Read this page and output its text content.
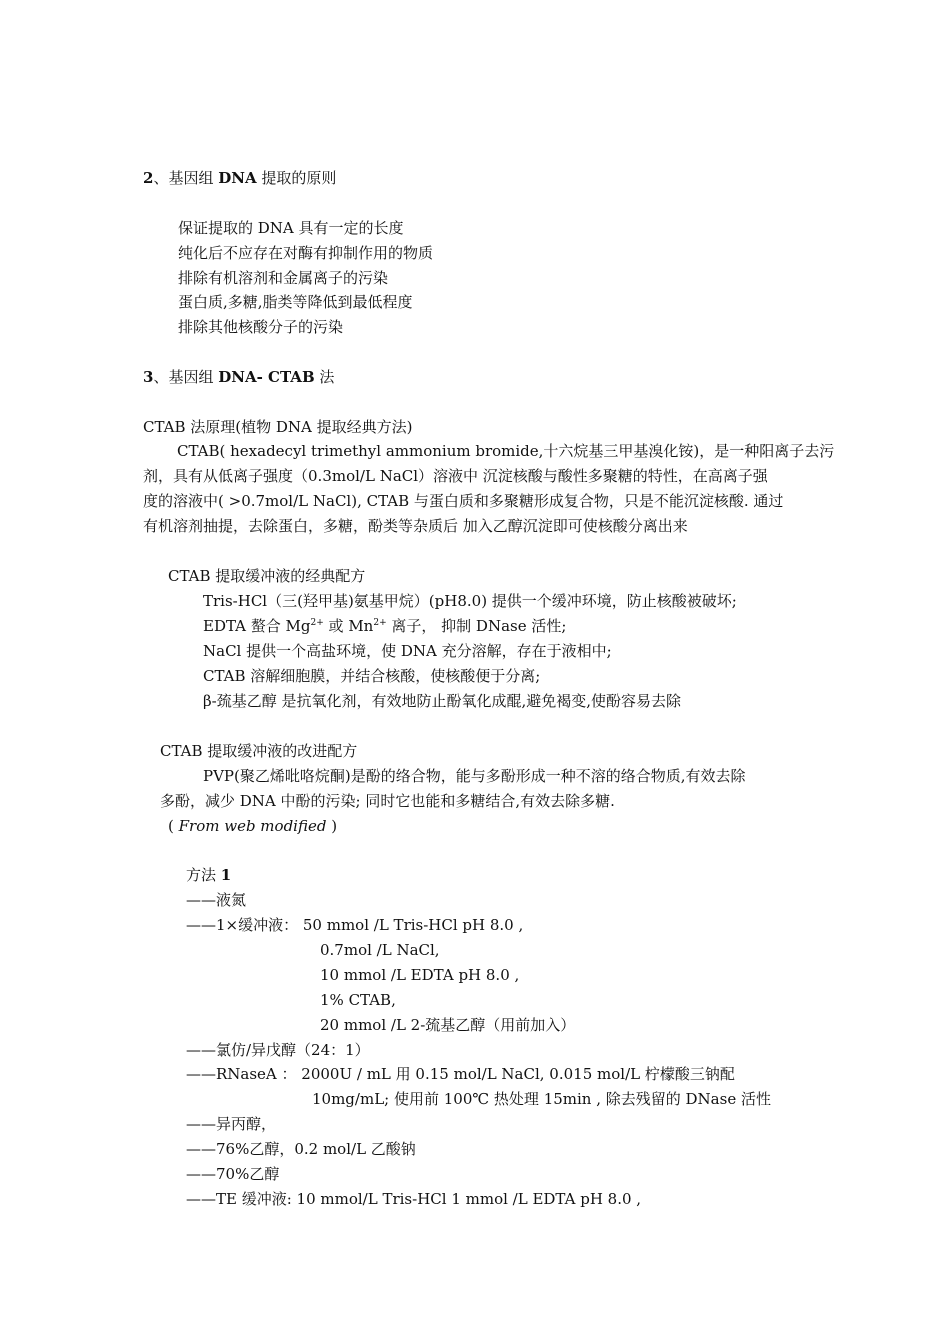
2、基因组 DNA 提取的原则
保证提取的 DNA 具有一定的长度
纯化后不应存在对酶有抑制作用的物质
排除有机溶剂和金属离子的污染
蛋白质,多糖,脂类等降低到最低程度
排除其他核酸分子的污染
3、基因组 DNA- CTAB 法
CTAB 法原理(植物 DNA 提取经典方法)
CTAB( hexadecyl trimethyl ammonium bromide,十六烷基三甲基溴化铵)，是一种阳离子去污
剂，具有从低离子强度（0.3mol/L NaCl）溶液中 沉淀核酸与酸性多聚糖的特性，在高离子强
度的溶液中( >0.7mol/L NaCl), CTAB 与蛋白质和多聚糖形成复合物，只是不能沉淀核酸. 通过
有机溶剂抽提，去除蛋白，多糖，酚类等杂质后 加入乙醇沉淀即可使核酸分离出来
CTAB 提取缓冲液的经典配方
Tris-HCl（三(羟甲基)氨基甲烷）(pH8.0) 提供一个缓冲环境，防止核酸被破坏;
EDTA 螯合 $Mg^{2+}$ 或 $Mn^{2+}$ 离子， 抑制 DNase 活性;
NaCl 提供一个高盐环境，使 DNA 充分溶解，存在于液相中;
CTAB 溶解细胞膜，并结合核酸，使核酸便于分离;
β-巯基乙醇 是抗氧化剂，有效地防止酚氧化成醌,避免褐变,使酚容易去除
CTAB 提取缓冲液的改进配方
PVP(聚乙烯吡咯烷酮)是酚的络合物，能与多酚形成一种不溶的络合物质,有效去除
多酚，减少 DNA 中酚的污染; 同时它也能和多糖结合,有效去除多糖.
( From web modified )
方法 1
——液氮
——1×缓冲液： 50 mmol /L Tris-HCl pH 8.0 ,
0.7mol /L NaCl,
10 mmol /L EDTA pH 8.0 ,
1% CTAB,
20 mmol /L 2-巯基乙醇（用前加入）
——氯仿/异戊醇（24：1）
——RNaseA ： 2000U / mL 用 0.15 mol/L NaCl, 0.015 mol/L 柠檬酸三钠配
10mg/mL; 使用前 100℃ 热处理 15min , 除去残留的 DNase 活性
——异丙醇，
——76%乙醇，0.2 mol/L 乙酸钠
——70%乙醇
——TE 缓冲液: 10 mmol/L Tris-HCl 1 mmol /L EDTA pH 8.0 ,
